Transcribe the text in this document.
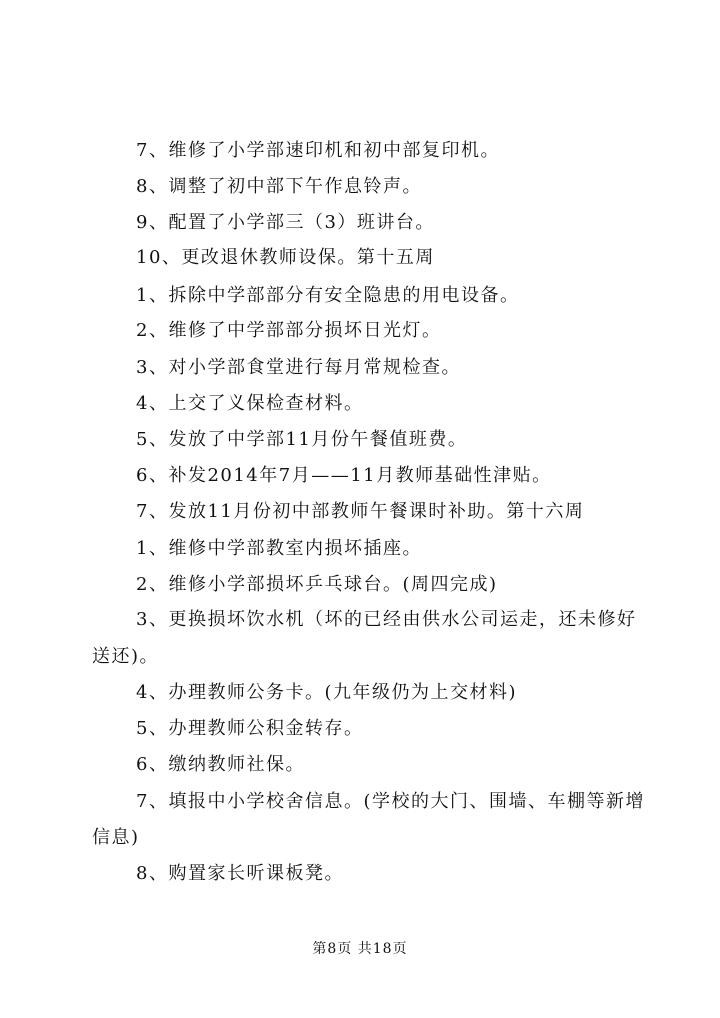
7、维修了小学部速印机和初中部复印机。
8、调整了初中部下午作息铃声。
9、配置了小学部三（3）班讲台。
10、更改退休教师设保。第十五周
1、拆除中学部部分有安全隐患的用电设备。
2、维修了中学部部分损坏日光灯。
3、对小学部食堂进行每月常规检查。
4、上交了义保检查材料。
5、发放了中学部11月份午餐值班费。
6、补发2014年7月——11月教师基础性津贴。
7、发放11月份初中部教师午餐课时补助。第十六周
1、维修中学部教室内损坏插座。
2、维修小学部损坏乒乓球台。(周四完成)
3、更换损坏饮水机（坏的已经由供水公司运走，还未修好
送还)。
4、办理教师公务卡。(九年级仍为上交材料)
5、办理教师公积金转存。
6、缴纳教师社保。
7、填报中小学校舍信息。(学校的大门、围墙、车棚等新增
信息)
8、购置家长听课板凳。
第8页 共18页
